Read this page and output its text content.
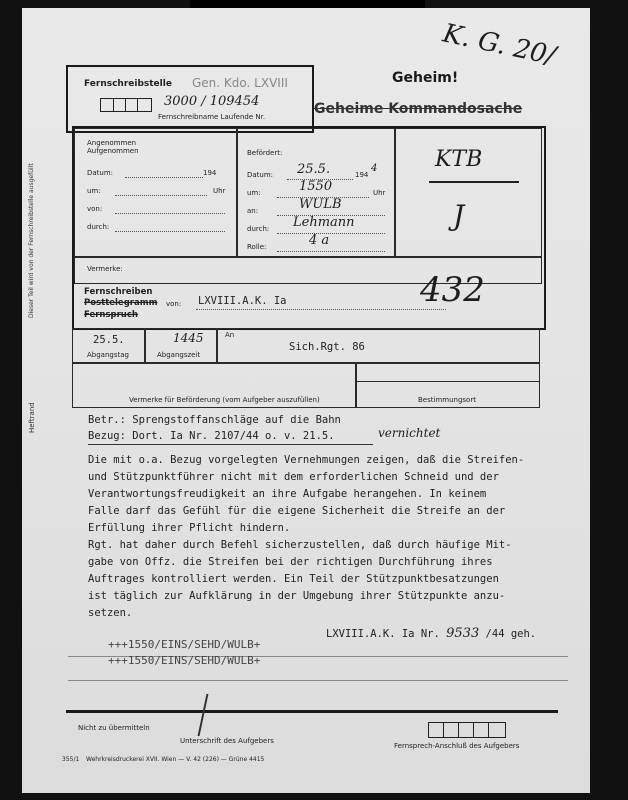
Dieser Teil wird von der Fernschreibstelle ausgefüllt
Heftrand
K. G. 20/
Fernschreibstelle Gen. Kdo. LXVIII
3000 / 109454
Fernschreibname Laufende Nr.
Geheim!
Geheime Kommandosache
Angenommen
Aufgenommen
Datum:	194
um:	Uhr
von:
durch:
Befördert:
Datum: 25.5.	194
4
um:	1550	Uhr
an:	WULB
durch: Lehmann
Rolle:	4 a
KTB
J
Vermerke:
432
Fernschreiben
Posttelegramm
Fernspruch
von: LXVIII.A.K. Ia
25.5.
Abgangstag
1445
Abgangszeit
An
Sich.Rgt. 86
Vermerke für Beförderung (vom Aufgeber auszufüllen)	Bestimmungsort
Betr.: Sprengstoffanschläge auf die Bahn
Bezug: Dort. Ia Nr. 2107/44 o. v. 21.5.	vernichtet
Die mit o.a. Bezug vorgelegten Vernehmungen zeigen, daß die Streifen-
und Stützpunktführer nicht mit dem erforderlichen Schneid und der
Verantwortungsfreudigkeit an ihre Aufgabe herangehen. In keinem
Falle darf das Gefühl für die eigene Sicherheit die Streife an der
Erfüllung ihrer Pflicht hindern.
Rgt. hat daher durch Befehl sicherzustellen, daß durch häufige Mit-
gabe von Offz. die Streifen bei der richtigen Durchführung ihres
Auftrages kontrolliert werden. Ein Teil der Stützpunktbesatzungen
ist täglich zur Aufklärung in der Umgebung ihrer Stützpunkte anzu-
setzen.
LXVIII.A.K. Ia Nr. 9533 /44 geh.
+++1550/EINS/SEHD/WULB+
+++1550/EINS/SEHD/WULB+
Nicht zu übermitteln
Unterschrift des Aufgebers
Fernsprech-Anschluß des Aufgebers
355/1 Wehrkreisdruckerei XVII. Wien — V. 42 (226) — Grüne 4415
